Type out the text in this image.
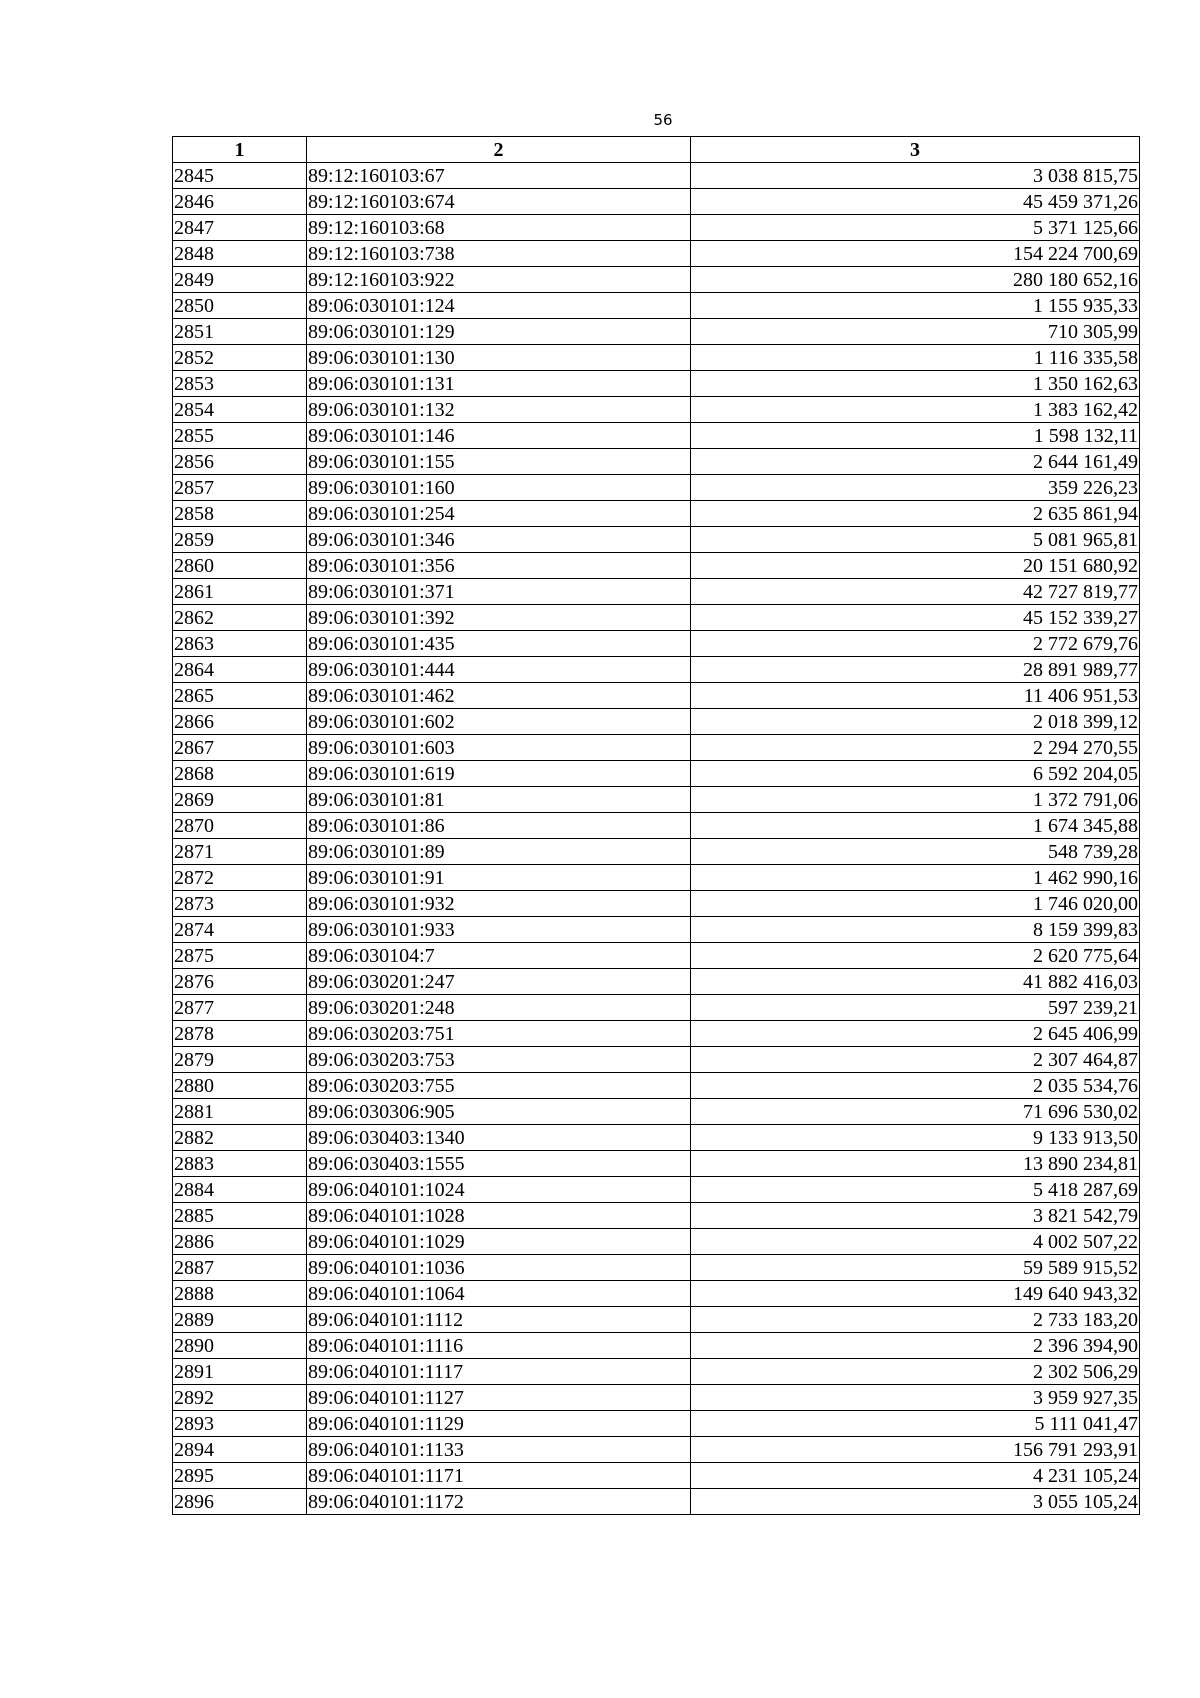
56
1	2	3
2845	89:12:160103:67	3 038 815,75
2846	89:12:160103:674	45 459 371,26
2847	89:12:160103:68	5 371 125,66
2848	89:12:160103:738	154 224 700,69
2849	89:12:160103:922	280 180 652,16
2850	89:06:030101:124	1 155 935,33
2851	89:06:030101:129	710 305,99
2852	89:06:030101:130	1 116 335,58
2853	89:06:030101:131	1 350 162,63
2854	89:06:030101:132	1 383 162,42
2855	89:06:030101:146	1 598 132,11
2856	89:06:030101:155	2 644 161,49
2857	89:06:030101:160	359 226,23
2858	89:06:030101:254	2 635 861,94
2859	89:06:030101:346	5 081 965,81
2860	89:06:030101:356	20 151 680,92
2861	89:06:030101:371	42 727 819,77
2862	89:06:030101:392	45 152 339,27
2863	89:06:030101:435	2 772 679,76
2864	89:06:030101:444	28 891 989,77
2865	89:06:030101:462	11 406 951,53
2866	89:06:030101:602	2 018 399,12
2867	89:06:030101:603	2 294 270,55
2868	89:06:030101:619	6 592 204,05
2869	89:06:030101:81	1 372 791,06
2870	89:06:030101:86	1 674 345,88
2871	89:06:030101:89	548 739,28
2872	89:06:030101:91	1 462 990,16
2873	89:06:030101:932	1 746 020,00
2874	89:06:030101:933	8 159 399,83
2875	89:06:030104:7	2 620 775,64
2876	89:06:030201:247	41 882 416,03
2877	89:06:030201:248	597 239,21
2878	89:06:030203:751	2 645 406,99
2879	89:06:030203:753	2 307 464,87
2880	89:06:030203:755	2 035 534,76
2881	89:06:030306:905	71 696 530,02
2882	89:06:030403:1340	9 133 913,50
2883	89:06:030403:1555	13 890 234,81
2884	89:06:040101:1024	5 418 287,69
2885	89:06:040101:1028	3 821 542,79
2886	89:06:040101:1029	4 002 507,22
2887	89:06:040101:1036	59 589 915,52
2888	89:06:040101:1064	149 640 943,32
2889	89:06:040101:1112	2 733 183,20
2890	89:06:040101:1116	2 396 394,90
2891	89:06:040101:1117	2 302 506,29
2892	89:06:040101:1127	3 959 927,35
2893	89:06:040101:1129	5 111 041,47
2894	89:06:040101:1133	156 791 293,91
2895	89:06:040101:1171	4 231 105,24
2896	89:06:040101:1172	3 055 105,24
